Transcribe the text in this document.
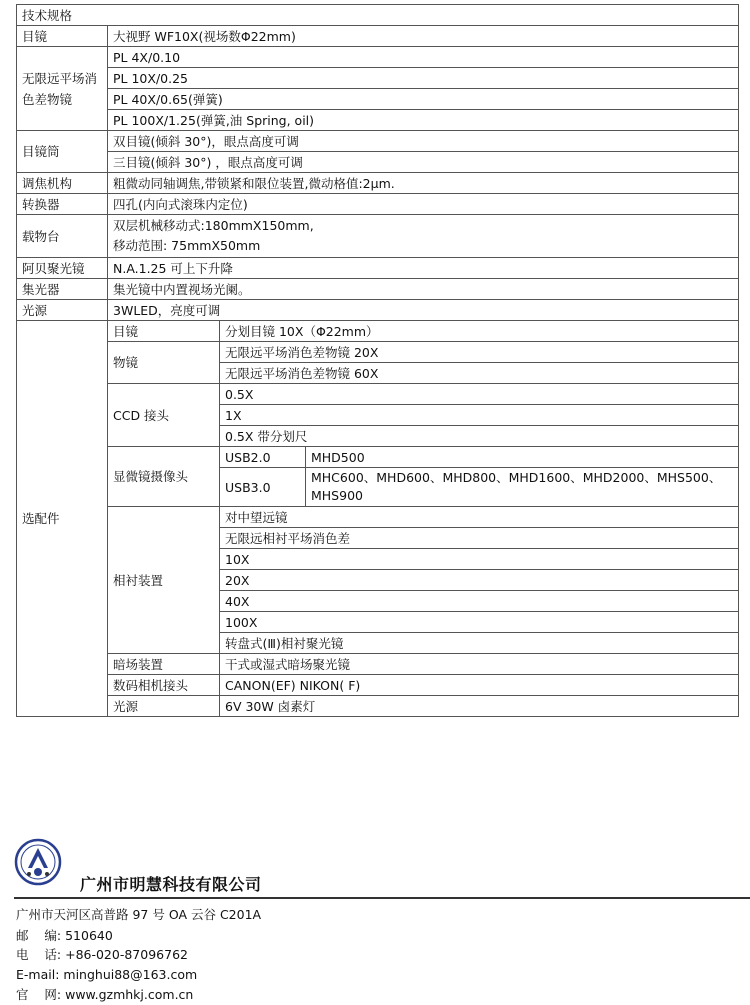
技术规格			
目镜	大视野 WF10X(视场数Φ22mm)		
无限远平场消色差物镜	PL 4X/0.10		
	PL 10X/0.25		
	PL 40X/0.65(弹簧)		
	PL 100X/1.25(弹簧,油 Spring, oil)		
目镜筒	双目镜(倾斜 30°)，眼点高度可调		
	三目镜(倾斜 30°) ，眼点高度可调		
调焦机构	粗微动同轴调焦,带锁紧和限位装置,微动格值:2μm.		
转换器	四孔(内向式滚珠内定位)		
载物台	双层机械移动式:180mmX150mm,
移动范围: 75mmX50mm		

阿贝聚光镜	N.A.1.25 可上下升降		
集光器	集光镜中内置视场光阑。		
光源	3WLED，亮度可调		
选配件	目镜	分划目镜 10X（Φ22mm）	
	物镜	无限远平场消色差物镜 20X	
		无限远平场消色差物镜 60X	
	CCD 接头	0.5X	
		1X	
		0.5X 带分划尺	
	显微镜摄像头	USB2.0	MHD500
		USB3.0	MHC600、MHD600、MHD800、MHD1600、MHD2000、MHS500、MHS900
	相衬装置	对中望远镜	
		无限远相衬平场消色差	
		10X	
		20X	
		40X	
		100X	
		转盘式(Ⅲ)相衬聚光镜	
	暗场装置	干式或湿式暗场聚光镜	
	数码相机接头	CANON(EF) NIKON( F)	
	光源	6V 30W 卤素灯	
广州市明慧科技有限公司
广州市天河区高普路 97 号 OA 云谷 C201A
邮    编: 510640
电    话: +86-020-87096762
E-mail: minghui88@163.com
官    网: www.gzmhkj.com.cn
